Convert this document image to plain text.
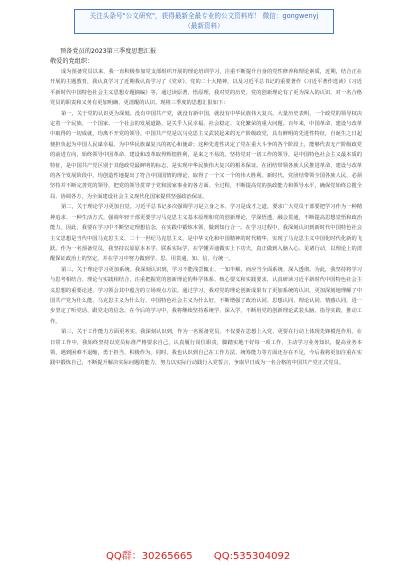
关注头条号"公文研究"，获得最新全最专业的公文资料库！ 微信：gongwenyj
（最新资料）
预备党员的2023第三季度思想汇报
敬爱的党组织：

成为预备党员以来，我一直积极参加党支部组织开展的理论培训学习，注重不断提升自身的党性修养和理论素质，近期，结合正在开展的主题教育，我认真学习了近期我认真学习了《党章》、党的二十大精神，以及习近平总书记的重要著作《习近平著作选读》《习近平新时代中国特色社会主义思想专题摘编》等，通过读原著、悟原理，我对党的历史、党的创新理论有了更为深入的认识，对一名合格党员的职责和义务有更加明确、更清醒的认识。现将三季度的思想汇报如下：

第一，关于党的认识更为深刻。没有中国共产党，就没有新中国，就没有中华民族伟大复兴。大量历史表明，一个政党的领导权决定着一个民族、一个国家、一个社会的发展道路，是关乎人民幸福、社会稳定、文化繁荣的重大问题。百年来，中国革命、建设与改革中取得的一切成就，均离不开党的领导。中国共产党是以马克思主义武装起来的无产阶级政党，具有鲜明的先进性特征，自诞生之日起便担负起为中国人民谋幸福、为中华民族谋复兴的初心和使命；这种先进性决定了党在重大斗争的各个阶段上，能够代表无产阶级政党的前进方向，始终领导中国革命、建设和改革取得辉煌胜利，是来之不易的。坚持党对一切工作的领导，是中国特色社会主义最本质的特征，是中国共产党区别于其他政党最鲜明的标志，是实现中华民族伟大复兴的根本保证。在团结带领各族人民推进革命、建设与改革的各个发展阶段中，均创造性地提出了符合中国国情的理论，取得了一个又一个的伟大胜利。新时代，党团结带领全国各族人民，必须坚持并不断完善党的领导，把党的领导贯穿于党和国家事业的各方面、全过程，不断提高党的执政能力和领导水平，确保党始终总揽全局、协调各方，为全面建设社会主义现代化国家提供坚强政治保证。

第二，关于理论学习更加自觉。习近平总书记多次强调学习是立身之本、学习是成才之道，要求广大党员干部要把学习作为一种精神追求、一种生活方式。强调年轻干部更要学习马克思主义基本原理和党的创新理论，学深悟透、融会贯通，不断提高思想觉悟和政治能力。因此，我要在学习中不断坚定理想信念，在实践中锻炼本领，做到知行合一。在学习过程中，我深刻认识到新时代中国特色社会主义思想是当代中国马克思主义、二十一世纪马克思主义，是中华文化和中国精神的时代精华，实现了马克思主义中国化时代化新的飞跃。作为一名预备党员，我坚持以原原本本学、联系实际学，在学懂弄通做实上下功夫，真正做到入脑入心、见诸行动，以理论上的清醒保证政治上的坚定，并在学习中努力做到学、思、用贯通，知、信、行统一。

第三，关于理论学习更加系统。我深刻认识到，学习不能浅尝辄止、一知半解，而应当全面系统、深入透彻。为此，我坚持将学习与思考相结合、理论与实践相结合，注重把握党的创新理论的科学体系、核心要义和实践要求，认真研读习近平新时代中国特色社会主义思想的重要论述，学习领会其中蕴含的立场观点方法。通过学习，我对党的理论创新成果有了更加系统的认识，更加深刻地理解了中国共产党为什么能、马克思主义为什么行、中国特色社会主义为什么好，不断增强了政治认同、思想认同、理论认同、情感认同，进一步坚定了听党话、跟党走的信念。在今后的学习中，我将继续坚持系统学、深入学，不断用党的创新理论武装头脑、指导实践、推动工作。

第三，关于工作能力方面更务实。我深刻认识到，作为一名预备党员，不仅要在思想上入党，更要在行动上体现先锋模范作用。在日常工作中，我始终坚持以党员标准严格要求自己，认真履行岗位职责，脚踏实地干好每一项工作，主动学习业务知识，提高业务本领，遇到困难不退缩，勇于担当、积极作为。同时，我也认识到自己在工作方法、统筹能力等方面还存在不足，今后我将更加注重在实践中锻炼自己，不断提升解决实际问题的能力，努力以实际行动践行入党誓言，争取早日成为一名合格的中国共产党正式党员。

QQ群：30265665 QQ:535304092
